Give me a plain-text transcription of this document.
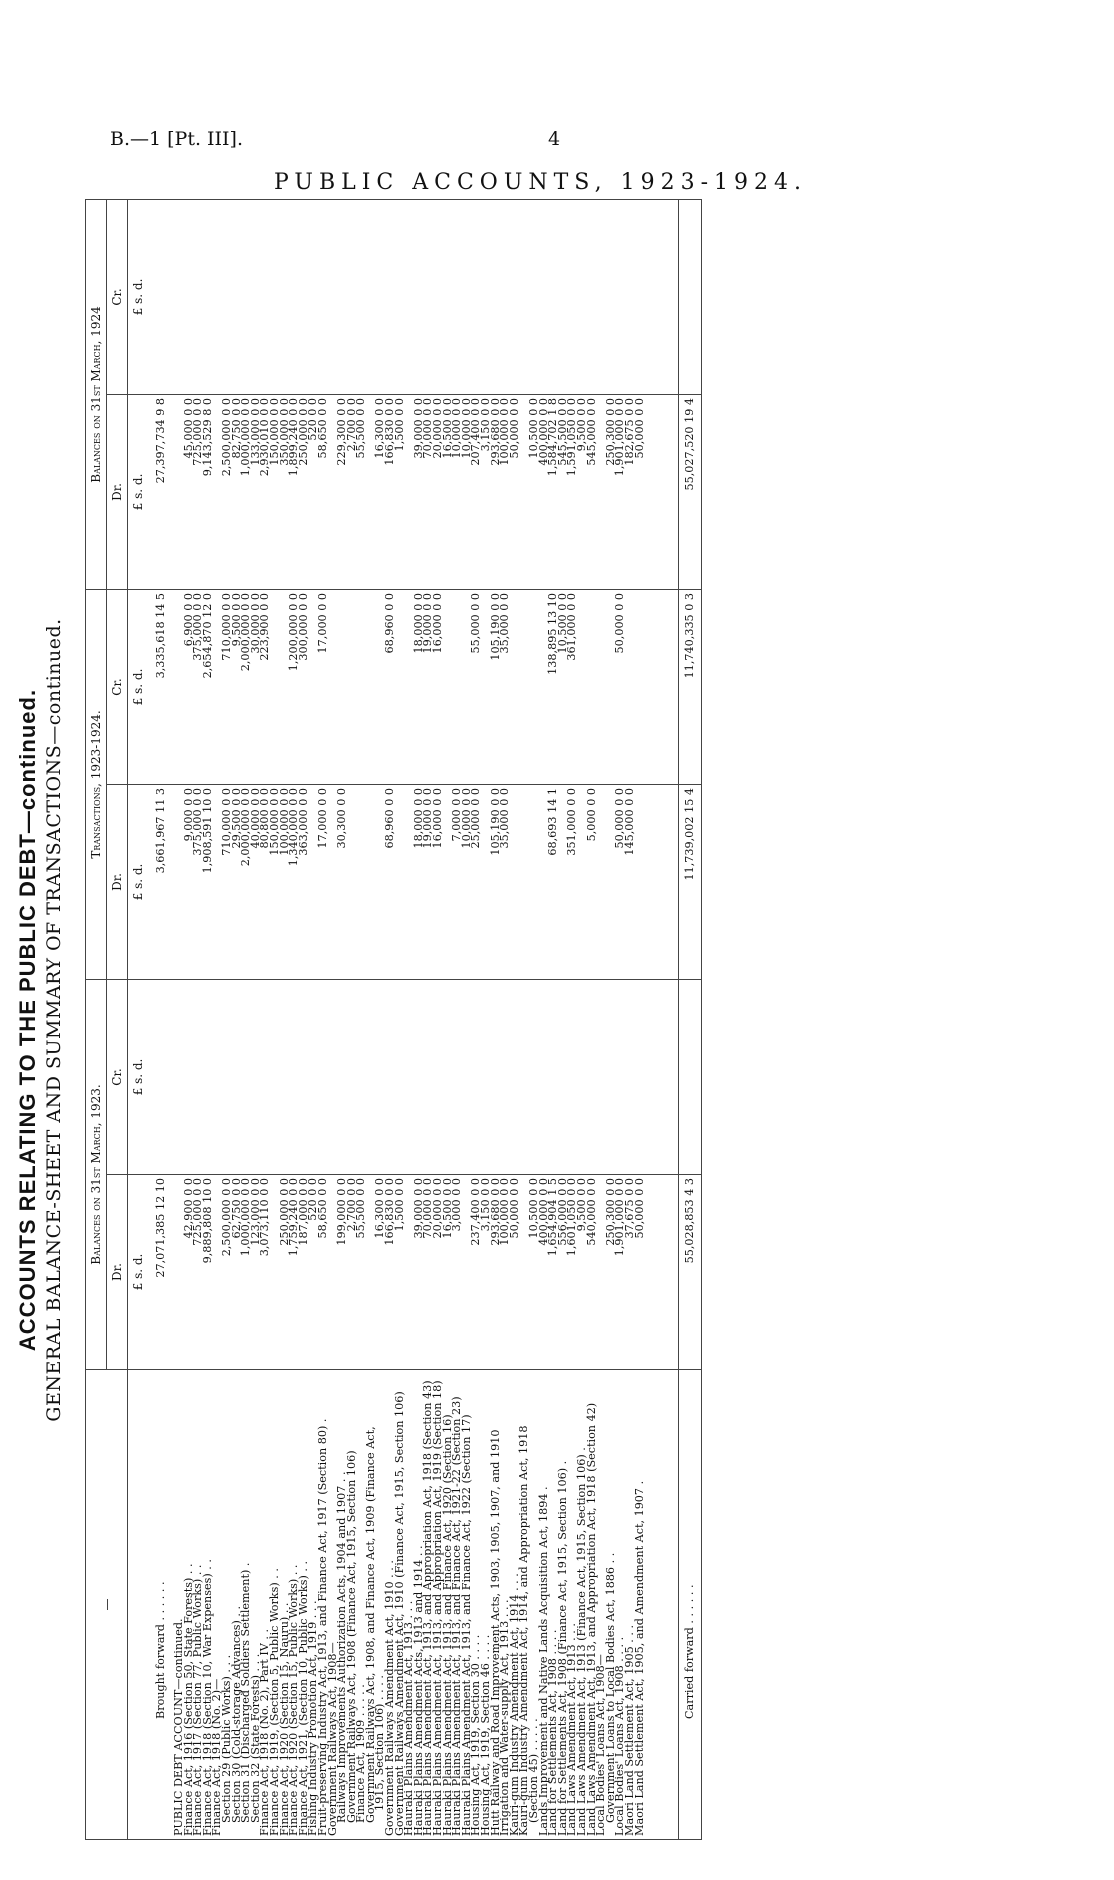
B.—1 [Pt. III].	4
PUBLIC ACCOUNTS, 1923-1924.
ACCOUNTS RELATING TO THE PUBLIC DEBT—continued. GENERAL BALANCE-SHEET AND SUMMARY OF TRANSACTIONS—continued.
—	Balances on 31st March, 1923.		Transactions, 1923-1924.		Balances on 31st March, 1924	
	Dr.	Cr.	Dr.	Cr.	Dr.	Cr.
	£ s. d.	£ s. d.	£ s. d.	£ s. d.	£ s. d.	£ s. d.
Brought forward . . . . . .	27,071,385 12 10		3,661,967 11 3	3,335,618 14 5	27,397,734 9 8	
PUBLIC DEBT ACCOUNT—continued.						
Finance Act, 1916 (Section 50, State Forests) . .	42,900 0 0		9,000 0 0	6,900 0 0	45,000 0 0	
Finance Act, 1917 (Section 77, Public Works) . .	725,000 0 0		375,000 0 0	375,000 0 0	725,000 0 0	
Finance Act, 1918 (Section 10, War Expenses) . .	9,889,808 10 0		1,908,591 10 0	2,654,870 12 0	9,143,529 8 0	
Finance Act, 1918 (No. 2)—						
Section 29 (Public Works) . . .	2,500,000 0 0		710,000 0 0	710,000 0 0	2,500,000 0 0	
Section 30 (Cold-storage Advances) . .	62,750 0 0		29,500 0 0	9,500 0 0	82,750 0 0	
Section 31 (Discharged Soldiers Settlement) .	1,000,000 0 0		2,000,000 0 0	2,000,000 0 0	1,000,000 0 0	
Section 32 (State Forests) . . .	123,000 0 0		40,000 0 0	30,000 0 0	133,000 0 0	
Finance Act, 1918 (No. 2), Part IV . .	3,073,110 0 0		80,800 0 0	223,900 0 0	2,930,010 0 0	
Finance Act, 1919, (Section 5, Public Works) . .			150,000 0 0		150,000 0 0	
Finance Act, 1920 (Section 15, Nauru) . .	250,000 0 0		100,000 0 0		350,000 0 0	
Finance Act, 1920 (Section 15, Public Works) . .	1,759,240 0 0		1,340,000 0 0	1,200,000 0 0	1,899,240 0 0	
Finance Act, 1921, (Section 10, Public Works) . .	187,000 0 0		363,000 0 0	300,000 0 0	250,000 0 0	
Fishing Industry Promotion Act, 1919 . . .	520 0 0				520 0 0	
Fruit-preserving Industry Act, 1913, and Finance Act, 1917 (Section 80) .	58,650 0 0		17,000 0 0	17,000 0 0	58,650 0 0	
Government Railways Act, 1908—						
Railways Improvements Authorization Acts, 1904 and 1907 . .	199,000 0 0		30,300 0 0		229,300 0 0	
Government Railways Act, 1908 (Finance Act, 1915, Section 106)	2,700 0 0				2,700 0 0	
Finance Act, 1909 . . . . .	55,500 0 0				55,500 0 0	
Government Railways Act, 1908, and Finance Act, 1909 (Finance Act,						
1915, Section 106) . . . .	16,300 0 0				16,300 0 0	
Government Railways Amendment Act, 1910 . . .	166,830 0 0		68,960 0 0	68,960 0 0	166,830 0 0	
Government Railways Amendment Act, 1910 (Finance Act, 1915, Section 106)	1,500 0 0				1,500 0 0	
Hauraki Plains Amendment Act, 1913 . . .						
Hauraki Plains Amendment Acts, 1913 and 1914 . .	39,000 0 0		18,000 0 0	18,000 0 0	39,000 0 0	
Hauraki Plains Amendment Act, 1913, and Appropriation Act, 1918 (Section 43)	70,000 0 0		19,000 0 0	19,000 0 0	70,000 0 0	
Hauraki Plains Amendment Act, 1913, and Appropriation Act, 1919 (Section 18)	20,000 0 0		16,000 0 0	16,000 0 0	20,000 0 0	
Hauraki Plains Amendment Act, 1913, and Finance Act, 1920 (Section 16)	16,500 0 0				16,500 0 0	
Hauraki Plains Amendment Act, 1913, and Finance Act, 1921-22 (Section 23)	3,000 0 0		7,000 0 0		10,000 0 0	
Hauraki Plains Amendment Act, 1913, and Finance Act, 1922 (Section 17)			10,000 0 0		10,000 0 0	
Housing Act, 1919, Section 30 . . . .	237,400 0 0		25,000 0 0	55,000 0 0	207,400 0 0	
Housing Act, 1919, Section 46 . . . .	3,150 0 0				3,150 0 0	
Hutt Railway and Road Improvement Acts, 1903, 1905, 1907, and 1910	293,680 0 0		105,190 0 0	105,190 0 0	293,680 0 0	
Irrigation and Water-supply Act, 1913 . . .	100,000 0 0		35,000 0 0	35,000 0 0	100,000 0 0	
Kauri-gum Industry Amendment Act, 1914 . . .	50,000 0 0				50,000 0 0	
Kauri-gum Industry Amendment Act, 1914, and Appropriation Act, 1918						
(Section 45) . . . . .	10,500 0 0				10,500 0 0	
Lands Improvement and Native Lands Acquisition Act, 1894 .	400,000 0 0				400,000 0 0	
Land for Settlements Act, 1908 . . . .	1,654,904 1 5		68,693 14 1	138,895 13 10	1,584,702 1 8	
Land for Settlements Act, 1908 (Finance Act, 1915, Section 106) .	556,000 0 0			10,500 0 0	545,500 0 0	
Land Laws Amendment Act, 1913 . . .	1,601,050 0 0		351,000 0 0	361,000 0 0	1,591,050 0 0	
Land Laws Amendment Act, 1913 (Finance Act, 1915, Section 106) .	9,500 0 0				9,500 0 0	
Land Laws Amendment Act, 1913, and Appropriation Act, 1918 (Section 42)	540,000 0 0		5,000 0 0		545,000 0 0	
Local Bodies' Loans Act, 1908—						
Government Loans to Local Bodies Act, 1886 . .	250,300 0 0				250,300 0 0	
Local Bodies' Loans Act, 1908 . . . .	1,901,000 0 0		50,000 0 0	50,000 0 0	1,901,000 0 0	
Maori Land Settlement Act, 1905 . . .	37,675 0 0		145,000 0 0		182,675 0 0	
Maori Land Settlement Act, 1905, and Amendment Act, 1907 .	50,000 0 0				50,000 0 0	

Carried forward . . . . . .	55,028,853 4 3		11,739,002 15 4	11,740,335 0 3	55,027,520 19 4	
